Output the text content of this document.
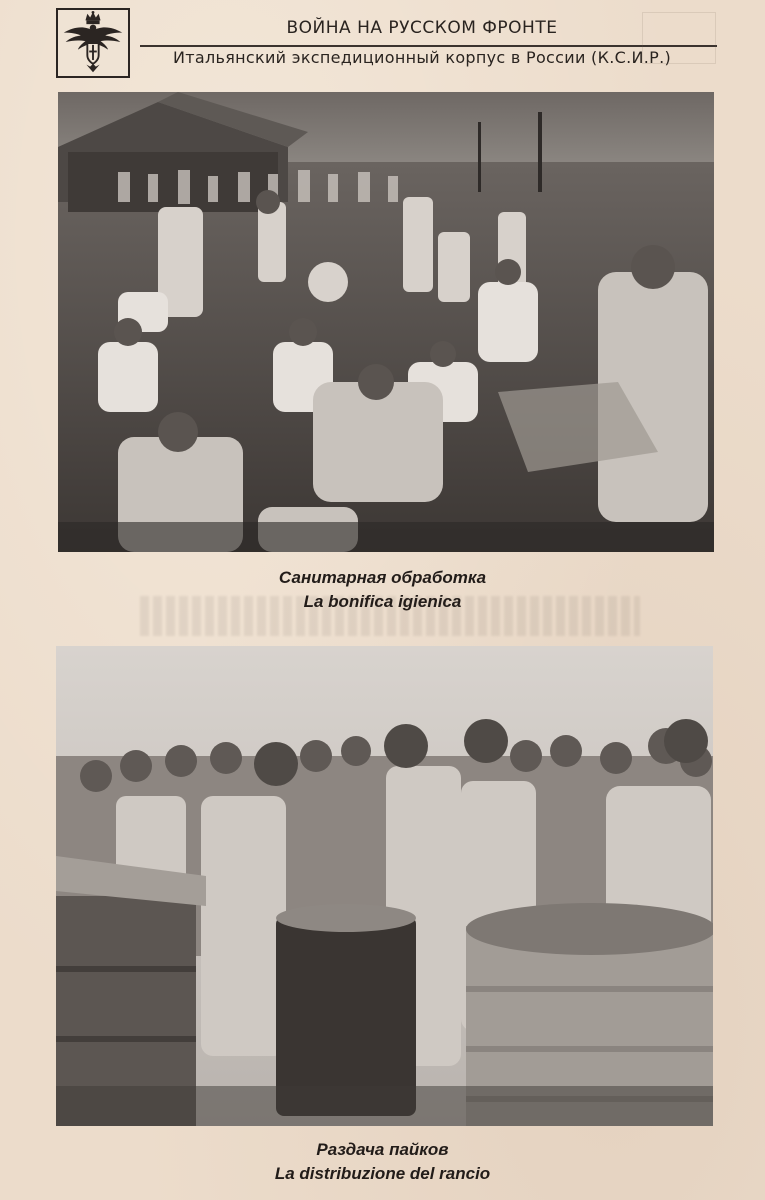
ВОЙНА НА РУССКОМ ФРОНТЕ
Итальянский экспедиционный корпус в России (К.С.И.Р.)
Санитарная обработка
La bonifica igienica
Раздача пайков
La distribuzione del rancio
